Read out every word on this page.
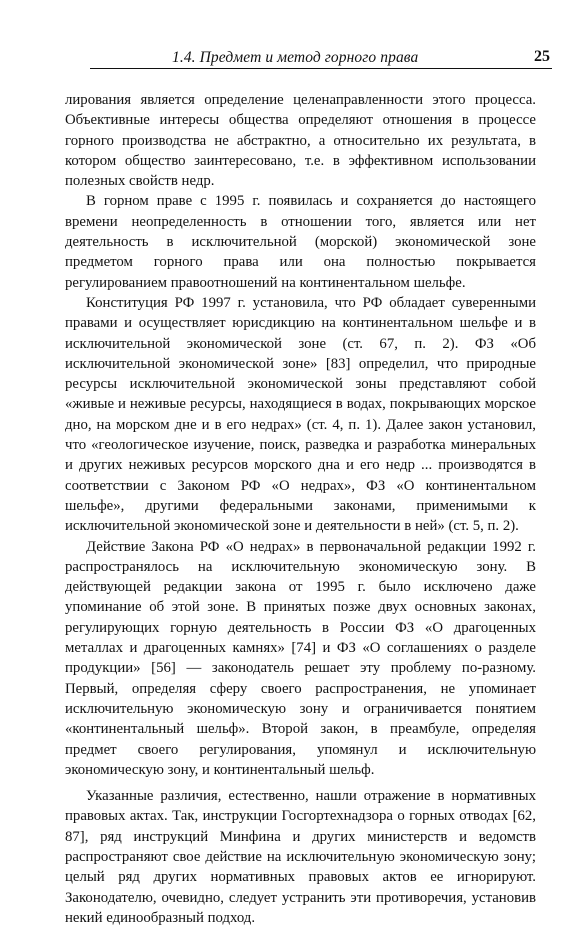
1.4. Предмет и метод горного права	25

лирования является определение целенаправленности этого процесса. Объективные интересы общества определяют отношения в процессе горного производства не абстрактно, а относительно их результата, в котором общество заинтересовано, т.е. в эффективном использовании полезных свойств недр.

В горном праве с 1995 г. появилась и сохраняется до настоящего времени неопределенность в отношении того, является или нет деятельность в исключительной (морской) экономической зоне предметом горного права или она полностью покрывается регулированием правоотношений на континентальном шельфе.

Конституция РФ 1997 г. установила, что РФ обладает суверенными правами и осуществляет юрисдикцию на континентальном шельфе и в исключительной экономической зоне (ст. 67, п. 2). ФЗ «Об исключительной экономической зоне» [83] определил, что природные ресурсы исключительной экономической зоны представляют собой «живые и неживые ресурсы, находящиеся в водах, покрывающих морское дно, на морском дне и в его недрах» (ст. 4, п. 1). Далее закон установил, что «геологическое изучение, поиск, разведка и разработка минеральных и других неживых ресурсов морского дна и его недр ... производятся в соответствии с Законом РФ «О недрах», ФЗ «О континентальном шельфе», другими федеральными законами, применимыми к исключительной экономической зоне и деятельности в ней» (ст. 5, п. 2).

Действие Закона РФ «О недрах» в первоначальной редакции 1992 г. распространялось на исключительную экономическую зону. В действующей редакции закона от 1995 г. было исключено даже упоминание об этой зоне. В принятых позже двух основных законах, регулирующих горную деятельность в России ФЗ «О драгоценных металлах и драгоценных камнях» [74] и ФЗ «О соглашениях о разделе продукции» [56] — законодатель решает эту проблему по-разному. Первый, определяя сферу своего распространения, не упоминает исключительную экономическую зону и ограничивается понятием «континентальный шельф». Второй закон, в преамбуле, определяя предмет своего регулирования, упомянул и исключительную экономическую зону, и континентальный шельф.

Указанные различия, естественно, нашли отражение в нормативных правовых актах. Так, инструкции Госгортехнадзора о горных отводах [62, 87], ряд инструкций Минфина и других министерств и ведомств распространяют свое действие на исключительную экономическую зону; целый ряд других нормативных правовых актов ее игнорируют. Законодателю, очевидно, следует устранить эти противоречия, установив некий единообразный подход.
